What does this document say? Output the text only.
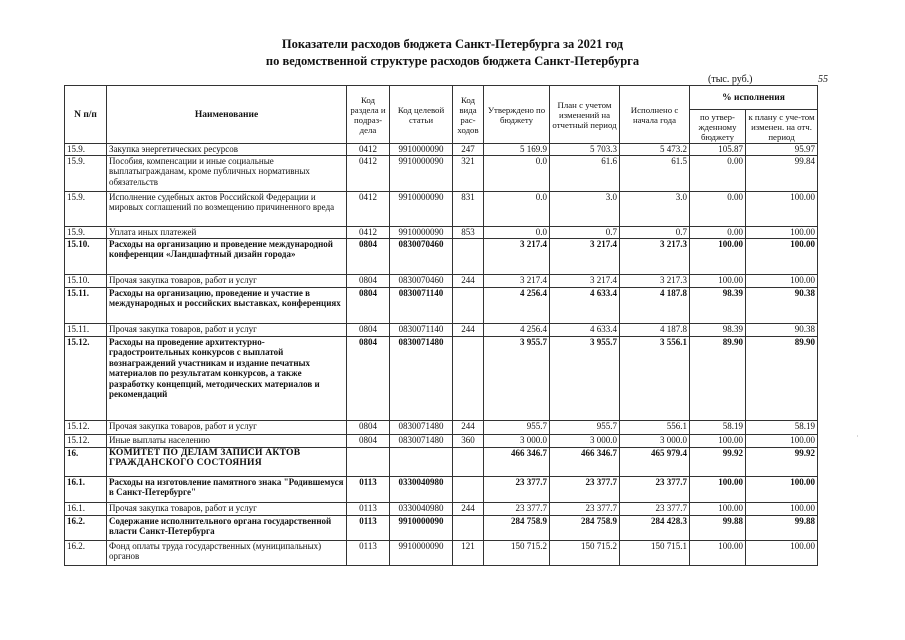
Показатели расходов бюджета Санкт-Петербурга за 2021 год
по ведомственной структуре расходов бюджета Санкт-Петербурга
(тыс. руб.)	55
N п/п	Наименование	Код раздела и подраз-дела	Код целевой статьи	Код вида рас-ходов	Утверждено по бюджету	План с учетом изменений на отчетный период	Исполнено с начала года	% исполнения	
								по утвер-жденному бюджету	к плану с уче-том изменен. на отч. период
15.9.	Закупка энергетических ресурсов	0412	9910000090	247	5 169.9	5 703.3	5 473.2	105.87	95.97
15.9.	Пособия, компенсации и иные социальные выплатыгражданам, кроме публичных нормативных обязательств	0412	9910000090	321	0.0	61.6	61.5	0.00	99.84
15.9.	Исполнение судебных актов Российской Федерации и мировых соглашений по возмещению причиненного вреда	0412	9910000090	831	0.0	3.0	3.0	0.00	100.00
15.9.	Уплата иных платежей	0412	9910000090	853	0.0	0.7	0.7	0.00	100.00
15.10.	Расходы на организацию и проведение международной конференции «Ландшафтный дизайн города»	0804	0830070460		3 217.4	3 217.4	3 217.3	100.00	100.00
15.10.	Прочая закупка товаров, работ и услуг	0804	0830070460	244	3 217.4	3 217.4	3 217.3	100.00	100.00
15.11.	Расходы на организацию, проведение и участие в международных и российских выставках, конференциях	0804	0830071140		4 256.4	4 633.4	4 187.8	98.39	90.38
15.11.	Прочая закупка товаров, работ и услуг	0804	0830071140	244	4 256.4	4 633.4	4 187.8	98.39	90.38
15.12.	Расходы на проведение архитектурно-градостроительных конкурсов с выплатой вознаграждений участникам и издание печатных материалов по результатам конкурсов, а также разработку концепций, методических материалов и рекомендаций	0804	0830071480		3 955.7	3 955.7	3 556.1	89.90	89.90
15.12.	Прочая закупка товаров, работ и услуг	0804	0830071480	244	955.7	955.7	556.1	58.19	58.19
15.12.	Иные выплаты населению	0804	0830071480	360	3 000.0	3 000.0	3 000.0	100.00	100.00
16.	КОМИТЕТ ПО ДЕЛАМ ЗАПИСИ АКТОВ ГРАЖДАНСКОГО СОСТОЯНИЯ				466 346.7	466 346.7	465 979.4	99.92	99.92
16.1.	Расходы на изготовление памятного знака "Родившемуся в Санкт-Петербурге"	0113	0330040980		23 377.7	23 377.7	23 377.7	100.00	100.00
16.1.	Прочая закупка товаров, работ и услуг	0113	0330040980	244	23 377.7	23 377.7	23 377.7	100.00	100.00
16.2.	Содержание исполнительного органа государственной власти Санкт-Петербурга	0113	9910000090		284 758.9	284 758.9	284 428.3	99.88	99.88
16.2.	Фонд оплаты труда государственных (муниципальных) органов	0113	9910000090	121	150 715.2	150 715.2	150 715.1	100.00	100.00
˙
